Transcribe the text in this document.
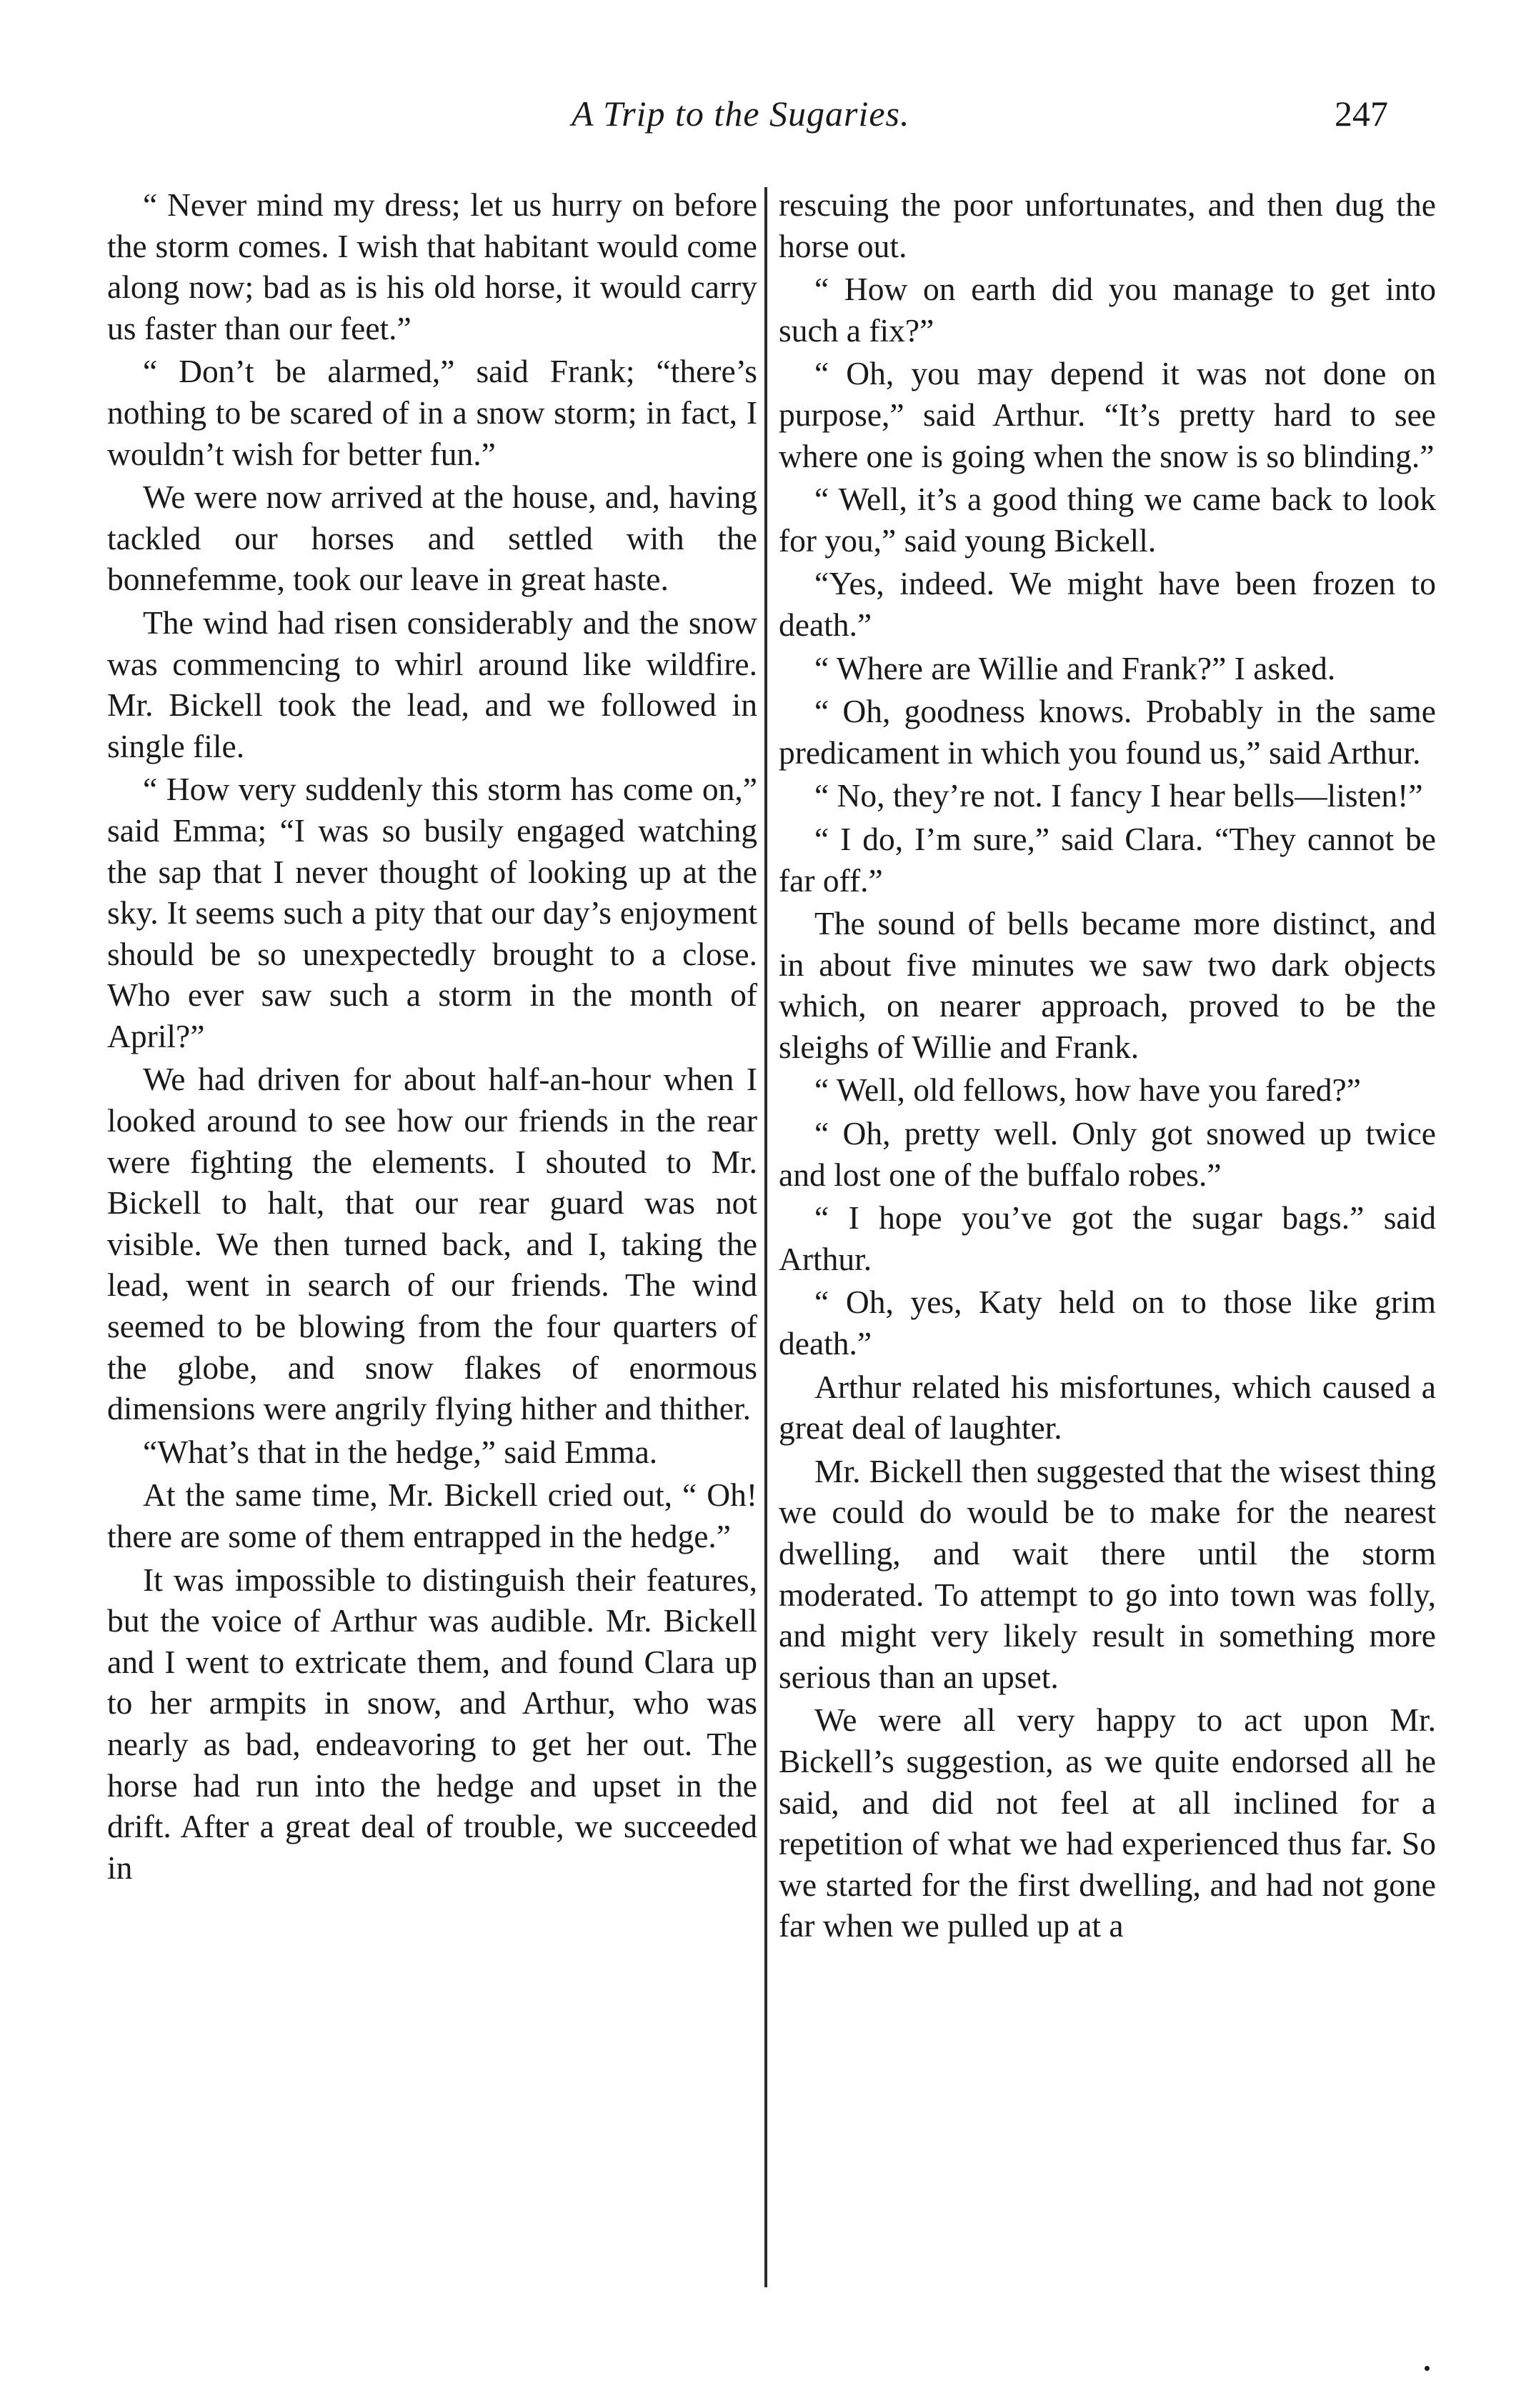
A Trip to the Sugaries.	247

“ Never mind my dress; let us hurry on before the storm comes. I wish that habitant would come along now; bad as is his old horse, it would carry us faster than our feet.”

“ Don’t be alarmed,” said Frank; “there’s nothing to be scared of in a snow storm; in fact, I wouldn’t wish for better fun.”

We were now arrived at the house, and, having tackled our horses and settled with the bonnefemme, took our leave in great haste.

The wind had risen considerably and the snow was commencing to whirl around like wildfire. Mr. Bickell took the lead, and we followed in single file.

“ How very suddenly this storm has come on,” said Emma; “I was so busily engaged watching the sap that I never thought of looking up at the sky. It seems such a pity that our day’s enjoyment should be so unexpectedly brought to a close. Who ever saw such a storm in the month of April?”

We had driven for about half-an-hour when I looked around to see how our friends in the rear were fighting the elements. I shouted to Mr. Bickell to halt, that our rear guard was not visible. We then turned back, and I, taking the lead, went in search of our friends. The wind seemed to be blowing from the four quarters of the globe, and snow flakes of enormous dimensions were angrily flying hither and thither.

“What’s that in the hedge,” said Emma.

At the same time, Mr. Bickell cried out, “ Oh! there are some of them entrapped in the hedge.”

It was impossible to distinguish their features, but the voice of Arthur was audible. Mr. Bickell and I went to extricate them, and found Clara up to her armpits in snow, and Arthur, who was nearly as bad, endeavoring to get her out. The horse had run into the hedge and upset in the drift. After a great deal of trouble, we succeeded in

rescuing the poor unfortunates, and then dug the horse out.

“ How on earth did you manage to get into such a fix?”

“ Oh, you may depend it was not done on purpose,” said Arthur. “It’s pretty hard to see where one is going when the snow is so blinding.”

“ Well, it’s a good thing we came back to look for you,” said young Bickell.

“Yes, indeed. We might have been frozen to death.”

“ Where are Willie and Frank?” I asked.

“ Oh, goodness knows. Probably in the same predicament in which you found us,” said Arthur.

“ No, they’re not. I fancy I hear bells—listen!”

“ I do, I’m sure,” said Clara. “They cannot be far off.”

The sound of bells became more distinct, and in about five minutes we saw two dark objects which, on nearer approach, proved to be the sleighs of Willie and Frank.

“ Well, old fellows, how have you fared?”

“ Oh, pretty well. Only got snowed up twice and lost one of the buffalo robes.”

“ I hope you’ve got the sugar bags.” said Arthur.

“ Oh, yes, Katy held on to those like grim death.”

Arthur related his misfortunes, which caused a great deal of laughter.

Mr. Bickell then suggested that the wisest thing we could do would be to make for the nearest dwelling, and wait there until the storm moderated. To attempt to go into town was folly, and might very likely result in something more serious than an upset.

We were all very happy to act upon Mr. Bickell’s suggestion, as we quite endorsed all he said, and did not feel at all inclined for a repetition of what we had experienced thus far. So we started for the first dwelling, and had not gone far when we pulled up at a
